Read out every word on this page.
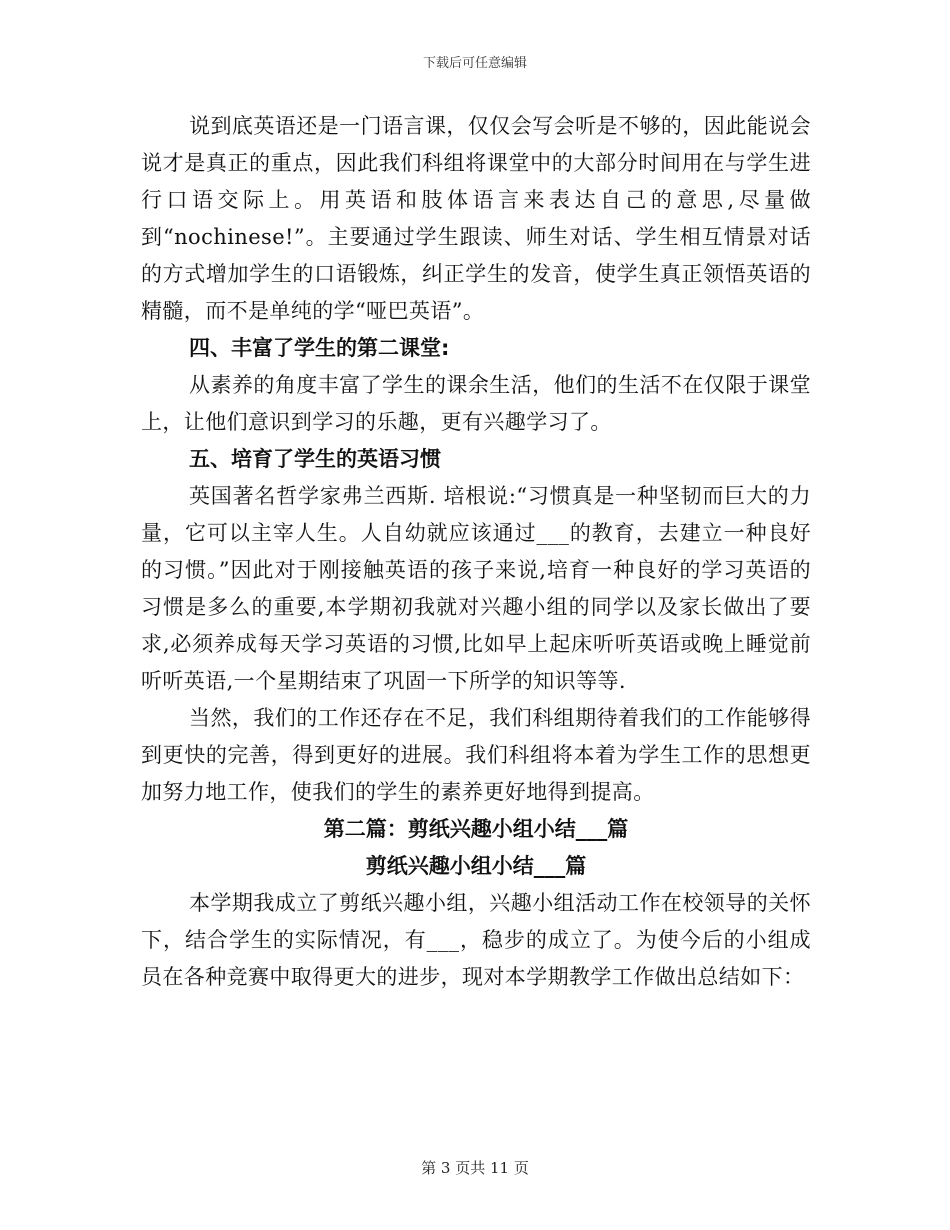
下载后可任意编辑

说到底英语还是一门语言课，仅仅会写会听是不够的，因此能说会说才是真正的重点，因此我们科组将课堂中的大部分时间用在与学生进行口语交际上。用英语和肢体语言来表达自己的意思,尽量做到“nochinese!”。主要通过学生跟读、师生对话、学生相互情景对话的方式增加学生的口语锻炼，纠正学生的发音，使学生真正领悟英语的精髓，而不是单纯的学“哑巴英语”。

四、丰富了学生的第二课堂:

从素养的角度丰富了学生的课余生活，他们的生活不在仅限于课堂上，让他们意识到学习的乐趣，更有兴趣学习了。

五、培育了学生的英语习惯

英国著名哲学家弗兰西斯. 培根说:“习惯真是一种坚韧而巨大的力量，它可以主宰人生。人自幼就应该通过___的教育，去建立一种良好的习惯。”因此对于刚接触英语的孩子来说,培育一种良好的学习英语的习惯是多么的重要,本学期初我就对兴趣小组的同学以及家长做出了要求,必须养成每天学习英语的习惯,比如早上起床听听英语或晚上睡觉前听听英语,一个星期结束了巩固一下所学的知识等等.

当然，我们的工作还存在不足，我们科组期待着我们的工作能够得到更快的完善，得到更好的进展。我们科组将本着为学生工作的思想更加努力地工作，使我们的学生的素养更好地得到提高。

第二篇：剪纸兴趣小组小结___篇

剪纸兴趣小组小结___篇

本学期我成立了剪纸兴趣小组，兴趣小组活动工作在校领导的关怀下，结合学生的实际情况，有___，稳步的成立了。为使今后的小组成员在各种竞赛中取得更大的进步，现对本学期教学工作做出总结如下：

第 3 页共 11 页
